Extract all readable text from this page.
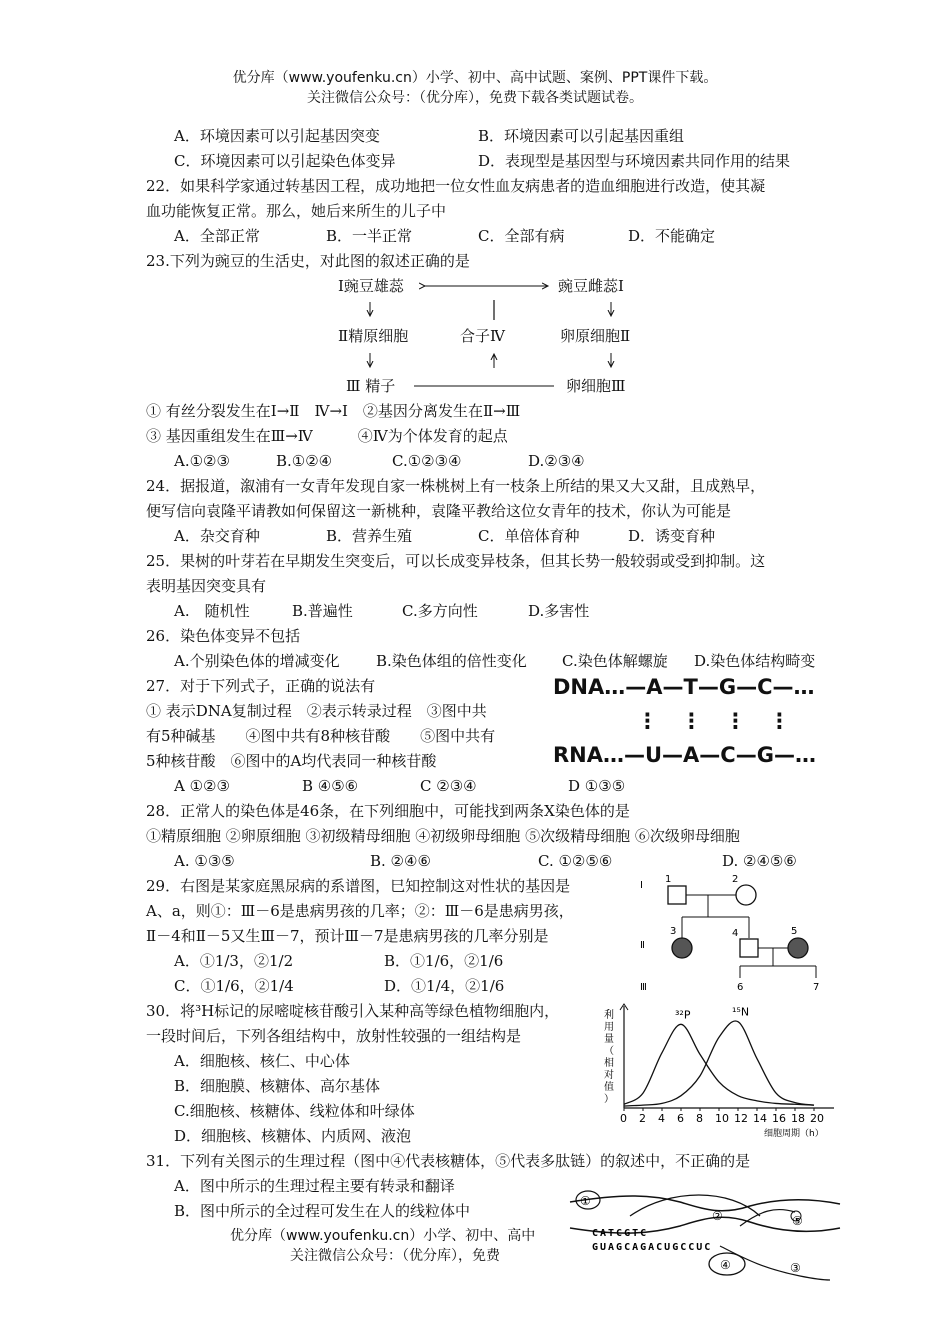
优分库（www.youfenku.cn）小学、初中、高中试题、案例、PPT课件下载。
关注微信公众号：（优分库），免费下载各类试题试卷。
A．环境因素可以引起基因突变	B．环境因素可以引起基因重组
C．环境因素可以引起染色体变异	D．表现型是基因型与环境因素共同作用的结果
22．如果科学家通过转基因工程，成功地把一位女性血友病患者的造血细胞进行改造，使其凝
血功能恢复正常。那么，她后来所生的儿子中
A．全部正常	B．一半正常	C．全部有病	D．不能确定
23.下列为豌豆的生活史，对此图的叙述正确的是
Ⅰ豌豆雄蕊	豌豆雌蕊Ⅰ
Ⅱ精原细胞	合子Ⅳ	卵原细胞Ⅱ
Ⅲ 精子	卵细胞Ⅲ
① 有丝分裂发生在Ⅰ→Ⅱ　Ⅳ→Ⅰ　②基因分离发生在Ⅱ→Ⅲ
③ 基因重组发生在Ⅲ→Ⅳ　　　④Ⅳ为个体发育的起点
A.①②③	B.①②④	C.①②③④	D.②③④
24．据报道，溆浦有一女青年发现自家一株桃树上有一枝条上所结的果又大又甜，且成熟早，
便写信向袁隆平请教如何保留这一新桃种，袁隆平教给这位女青年的技术，你认为可能是
A．杂交育种	B．营养生殖	C．单倍体育种	D．诱变育种
25．果树的叶芽若在早期发生突变后，可以长成变异枝条，但其长势一般较弱或受到抑制。这
表明基因突变具有
A.　随机性	B.普遍性	C.多方向性	D.多害性
26．染色体变异不包括
A.个别染色体的增减变化 B.染色体组的倍性变化 C.染色体解螺旋 D.染色体结构畸变
27．对于下列式子，正确的说法有
① 表示DNA复制过程　②表示转录过程　③图中共
有5种碱基　　④图中共有8种核苷酸　　⑤图中共有
5种核苷酸　⑥图中的A均代表同一种核苷酸
A ①②③	B ④⑤⑥	C ②③④	D ①③⑤
DNA…—A—T—G—C—…
⋮　⋮　⋮　⋮
RNA…—U—A—C—G—…
28．正常人的染色体是46条，在下列细胞中，可能找到两条X染色体的是
①精原细胞 ②卵原细胞 ③初级精母细胞 ④初级卵母细胞 ⑤次级精母细胞 ⑥次级卵母细胞
A. ①③⑤	B. ②④⑥	C. ①②⑤⑥	D. ②④⑤⑥
29．右图是某家庭黑尿病的系谱图，巳知控制这对性状的基因是
A、a，则①：Ⅲ－6是患病男孩的几率；②：Ⅲ－6是患病男孩，
Ⅱ－4和Ⅱ－5又生Ⅲ－7，预计Ⅲ－7是患病男孩的几率分别是
A．①1/3，②1/2	B．①1/6，②1/6
C．①1/6，②1/4	D．①1/4，②1/6
I
Ⅱ
Ⅲ
1	2
3	4	5
6	7
30．将³H标记的尿嘧啶核苷酸引入某种高等绿色植物细胞内，
一段时间后，下列各组结构中，放射性较强的一组结构是
A．细胞核、核仁、中心体
B．细胞膜、核糖体、高尔基体
C.细胞核、核糖体、线粒体和叶绿体
D．细胞核、核糖体、内质网、液泡
利
用
量
（
相
对
值
）
0 2 4 6 8 10 12 14 16 18 20
³²P	¹⁵N
细胞周期（h）
31．下列有关图示的生理过程（图中④代表核糖体，⑤代表多肽链）的叙述中，不正确的是
A．图中所示的生理过程主要有转录和翻译
B．图中所示的全过程可发生在人的线粒体中
①
②	⑤
CATCGTC
GUAGCAGACUGCCUC
④	③
优分库（www.youfenku.cn）小学、初中、高中
关注微信公众号：（优分库），免费
